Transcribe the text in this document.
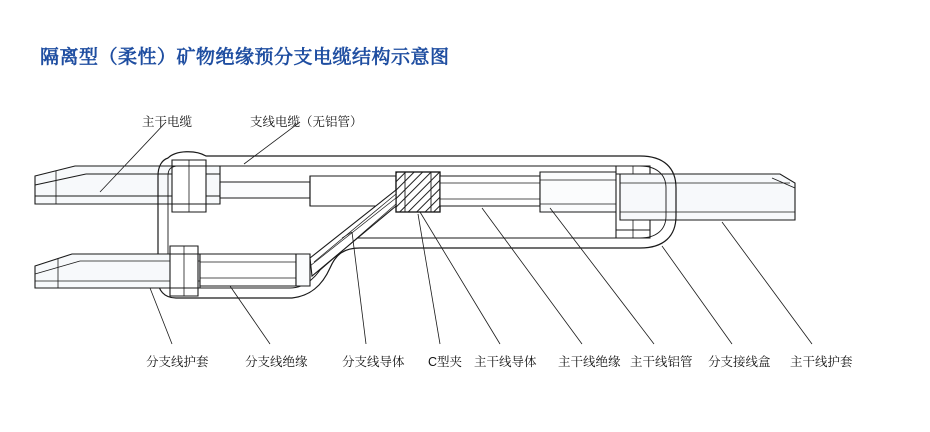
隔离型（柔性）矿物绝缘预分支电缆结构示意图
主干电缆	支线电缆（无铝管）
分支线护套	分支线绝缘	分支线导体 C型夹 主干线导体 主干线绝缘 主干线铝管 分支接线盒 主干线护套
